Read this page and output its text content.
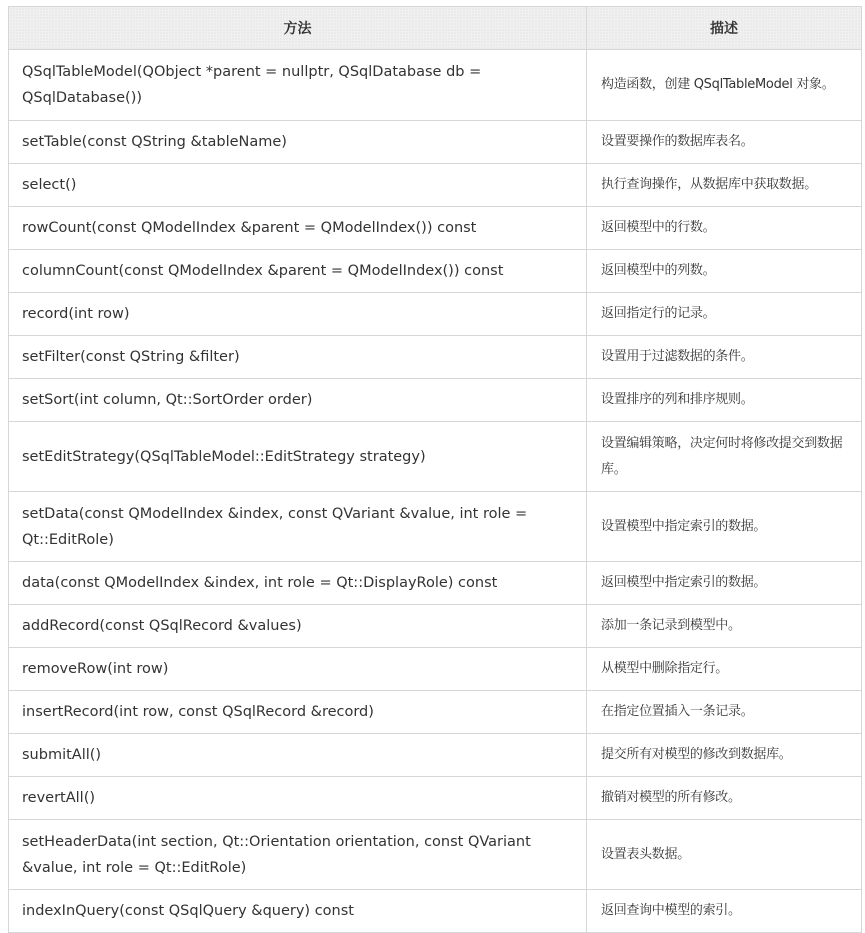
方法	描述
QSqlTableModel(QObject *parent = nullptr, QSqlDatabase db = QSqlDatabase())	构造函数，创建 QSqlTableModel 对象。
setTable(const QString &tableName)	设置要操作的数据库表名。
select()	执行查询操作，从数据库中获取数据。
rowCount(const QModelIndex &parent = QModelIndex()) const	返回模型中的行数。
columnCount(const QModelIndex &parent = QModelIndex()) const	返回模型中的列数。
record(int row)	返回指定行的记录。
setFilter(const QString &filter)	设置用于过滤数据的条件。
setSort(int column, Qt::SortOrder order)	设置排序的列和排序规则。
setEditStrategy(QSqlTableModel::EditStrategy strategy)	设置编辑策略，决定何时将修改提交到数据库。
setData(const QModelIndex &index, const QVariant &value, int role = Qt::EditRole)	设置模型中指定索引的数据。
data(const QModelIndex &index, int role = Qt::DisplayRole) const	返回模型中指定索引的数据。
addRecord(const QSqlRecord &values)	添加一条记录到模型中。
removeRow(int row)	从模型中删除指定行。
insertRecord(int row, const QSqlRecord &record)	在指定位置插入一条记录。
submitAll()	提交所有对模型的修改到数据库。
revertAll()	撤销对模型的所有修改。
setHeaderData(int section, Qt::Orientation orientation, const QVariant &value, int role = Qt::EditRole)	设置表头数据。
indexInQuery(const QSqlQuery &query) const	返回查询中模型的索引。
